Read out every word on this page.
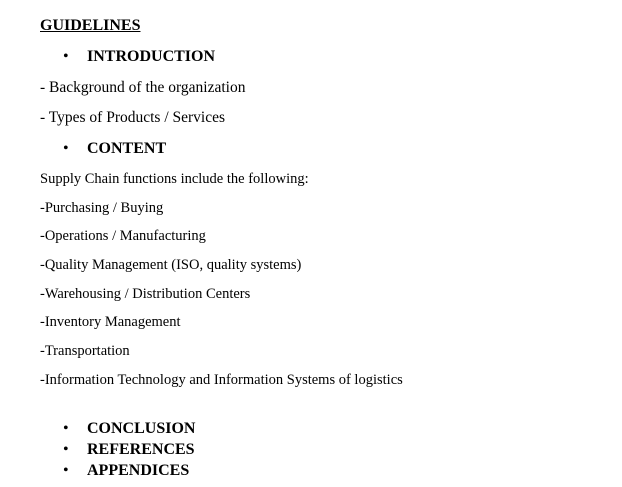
GUIDELINES
• INTRODUCTION
- Background of the organization
- Types of Products / Services
• CONTENT
Supply Chain functions include the following:
-Purchasing / Buying
-Operations / Manufacturing
-Quality Management (ISO, quality systems)
-Warehousing / Distribution Centers
-Inventory Management
-Transportation
-Information Technology and Information Systems of logistics
• CONCLUSION
• REFERENCES
• APPENDICES
